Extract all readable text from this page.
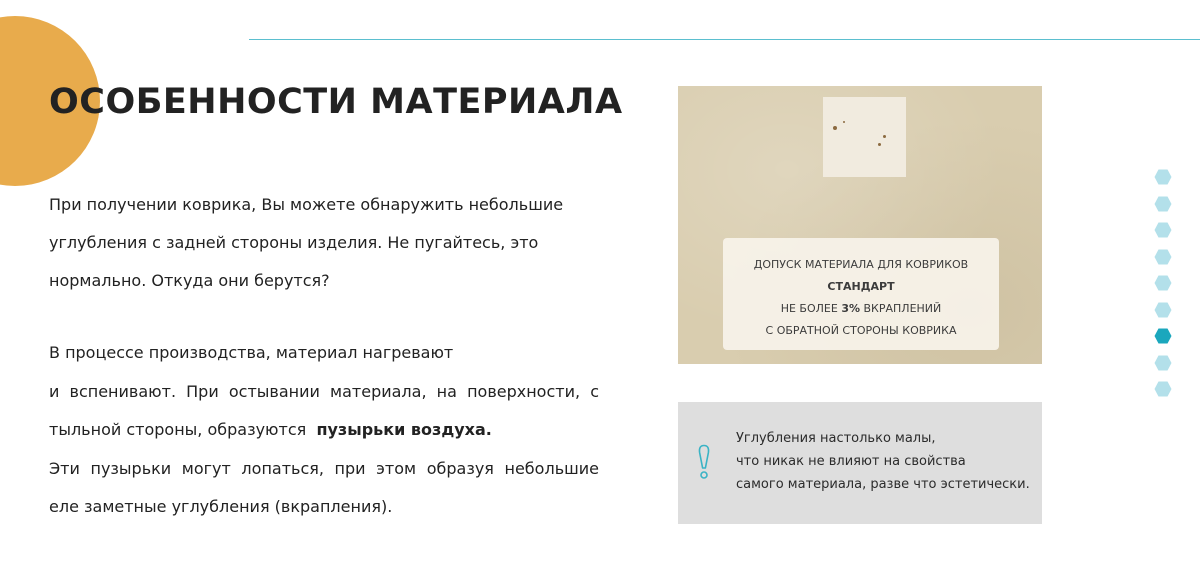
ОСОБЕННОСТИ МАТЕРИАЛА
При получении коврика, Вы можете обнаружить небольшие
углубления с задней стороны изделия. Не пугайтесь, это
нормально. Откуда они берутся?
В процессе производства, материал нагревают
и вспенивают. При остывании материала, на поверхности, с
тыльной стороны, образуются пузырьки воздуха.
Эти пузырьки могут лопаться, при этом образуя небольшие
еле заметные углубления (вкрапления).
ДОПУСК МАТЕРИАЛА ДЛЯ КОВРИКОВ
СТАНДАРТ
НЕ БОЛЕЕ 3% ВКРАПЛЕНИЙ
С ОБРАТНОЙ СТОРОНЫ КОВРИКА
Углубления настолько малы,
что никак не влияют на свойства
самого материала, разве что эстетически.
